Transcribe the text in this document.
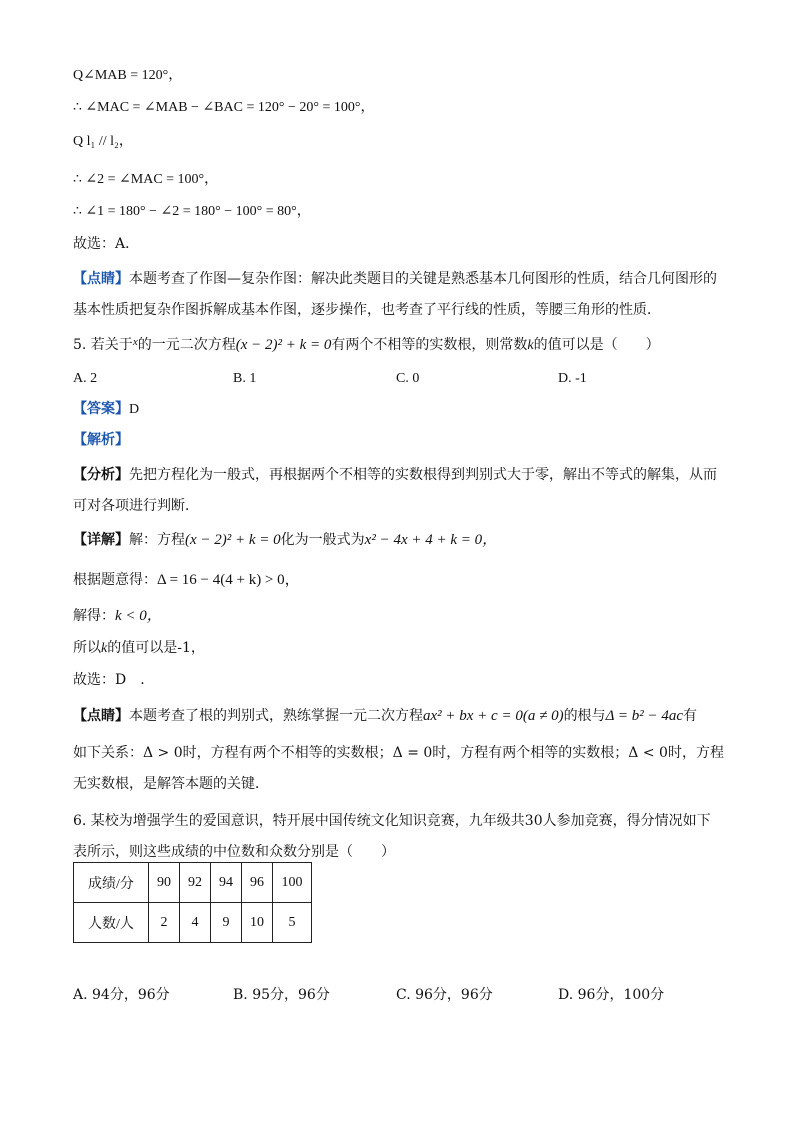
Q∠MAB = 120°，
∴ ∠MAC = ∠MAB − ∠BAC = 120° − 20° = 100°，
Q l₁ // l₂，
∴ ∠2 = ∠MAC = 100°，
∴ ∠1 = 180° − ∠2 = 180° − 100° = 80°，
故选：A．
【点睛】本题考查了作图—复杂作图：解决此类题目的关键是熟悉基本几何图形的性质，结合几何图形的基本性质把复杂作图拆解成基本作图，逐步操作，也考查了平行线的性质，等腰三角形的性质．
5. 若关于$^x$的一元二次方程(x − 2)² + k = 0有两个不相等的实数根，则常数k的值可以是（　　）
A. 2	B. 1	C. 0	D. -1
【答案】D
【解析】
【分析】先把方程化为一般式，再根据两个不相等的实数根得到判别式大于零，解出不等式的解集，从而可对各项进行判断．
【详解】解：方程(x − 2)² + k = 0化为一般式为x² − 4x + 4 + k = 0，
根据题意得：Δ = 16 − 4(4 + k) > 0，
解得：k < 0，
所以k的值可以是-1，
故选：D　.
【点睛】本题考查了根的判别式，熟练掌握一元二次方程ax² + bx + c = 0(a ≠ 0)的根与Δ = b² − 4ac有
如下关系：Δ > 0时，方程有两个不相等的实数根；Δ = 0时，方程有两个相等的实数根；Δ < 0时，方程
无实数根，是解答本题的关键．
6. 某校为增强学生的爱国意识，特开展中国传统文化知识竞赛，九年级共30人参加竞赛，得分情况如下表所示，则这些成绩的中位数和众数分别是（　　）
成绩/分	90	92	94	96	100
人数/人	2	4	9	10	5
A. 94分，96分	B. 95分，96分	C. 96分，96分	D. 96分，100分
